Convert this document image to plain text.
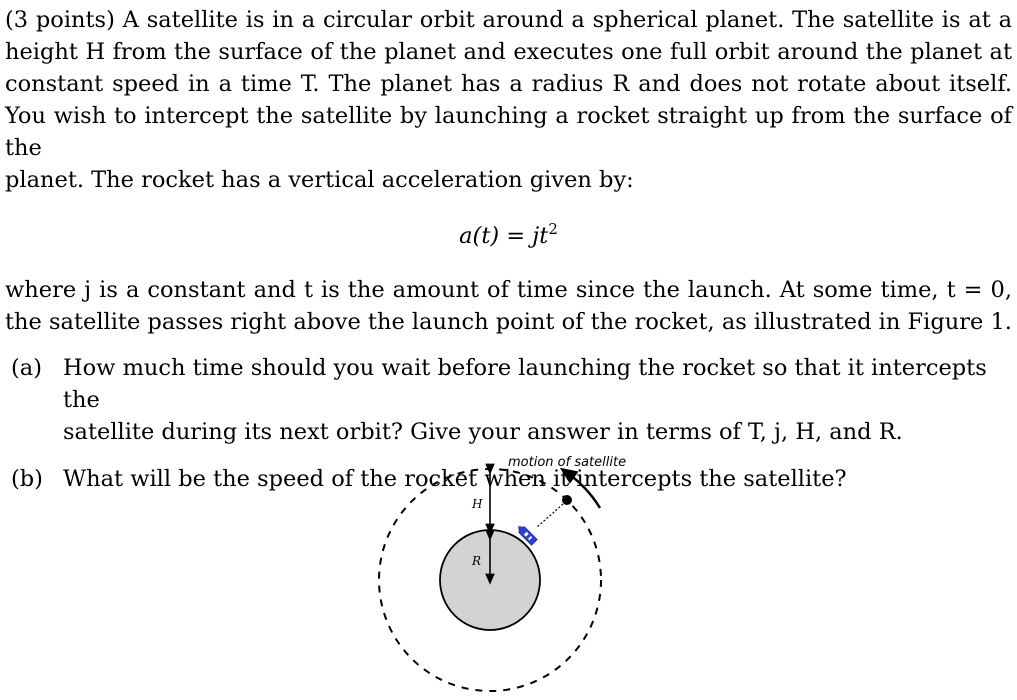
(3 points) A satellite is in a circular orbit around a spherical planet. The satellite is at a
height H from the surface of the planet and executes one full orbit around the planet at
constant speed in a time T. The planet has a radius R and does not rotate about itself.
You wish to intercept the satellite by launching a rocket straight up from the surface of the
planet. The rocket has a vertical acceleration given by:

$a(t) = jt^2$

where j is a constant and t is the amount of time since the launch. At some time, t = 0,
the satellite passes right above the launch point of the rocket, as illustrated in Figure 1.

(a) How much time should you wait before launching the rocket so that it intercepts the
satellite during its next orbit? Give your answer in terms of T, j, H, and R.
(b) What will be the speed of the rocket when it intercepts the satellite?
R
H
motion of satellite
